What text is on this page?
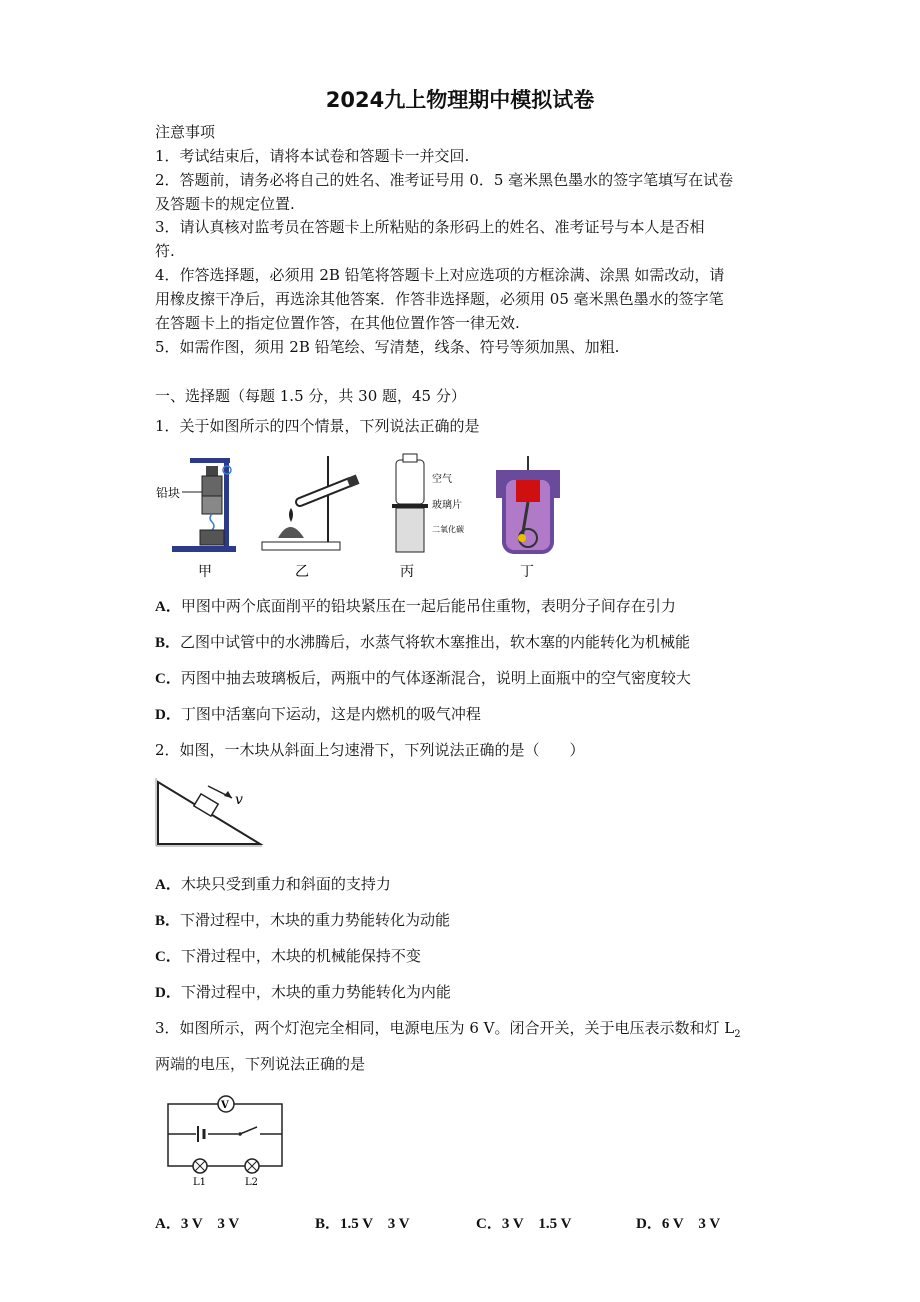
2024九上物理期中模拟试卷
注意事项
1．考试结束后，请将本试卷和答题卡一并交回.
2．答题前，请务必将自己的姓名、准考证号用 0．5 毫米黑色墨水的签字笔填写在试卷
及答题卡的规定位置.
3．请认真核对监考员在答题卡上所粘贴的条形码上的姓名、准考证号与本人是否相
符.
4．作答选择题，必须用 2B 铅笔将答题卡上对应选项的方框涂满、涂黑 如需改动，请
用橡皮擦干净后，再选涂其他答案．作答非选择题，必须用 05 毫米黑色墨水的签字笔
在答题卡上的指定位置作答，在其他位置作答一律无效.
5．如需作图，须用 2B 铅笔绘、写清楚，线条、符号等须加黑、加粗.
一、选择题（每题 1.5 分，共 30 题，45 分）
1．关于如图所示的四个情景，下列说法正确的是
铅块
甲	乙
空气
玻璃片
二氧化碳
丙	丁
A．甲图中两个底面削平的铅块紧压在一起后能吊住重物，表明分子间存在引力
B．乙图中试管中的水沸腾后，水蒸气将软木塞推出，软木塞的内能转化为机械能
C．丙图中抽去玻璃板后，两瓶中的气体逐渐混合，说明上面瓶中的空气密度较大
D．丁图中活塞向下运动，这是内燃机的吸气冲程
2．如图，一木块从斜面上匀速滑下，下列说法正确的是（　　）
v
A．木块只受到重力和斜面的支持力
B．下滑过程中，木块的重力势能转化为动能
C．下滑过程中，木块的机械能保持不变
D．下滑过程中，木块的重力势能转化为内能
3．如图所示，两个灯泡完全相同，电源电压为 6 V。闭合开关，关于电压表示数和灯 $L_2$
两端的电压，下列说法正确的是
V
L1	L2
A．3 V　3 V	B．1.5 V　3 V	C．3 V　1.5 V	D．6 V　3 V
